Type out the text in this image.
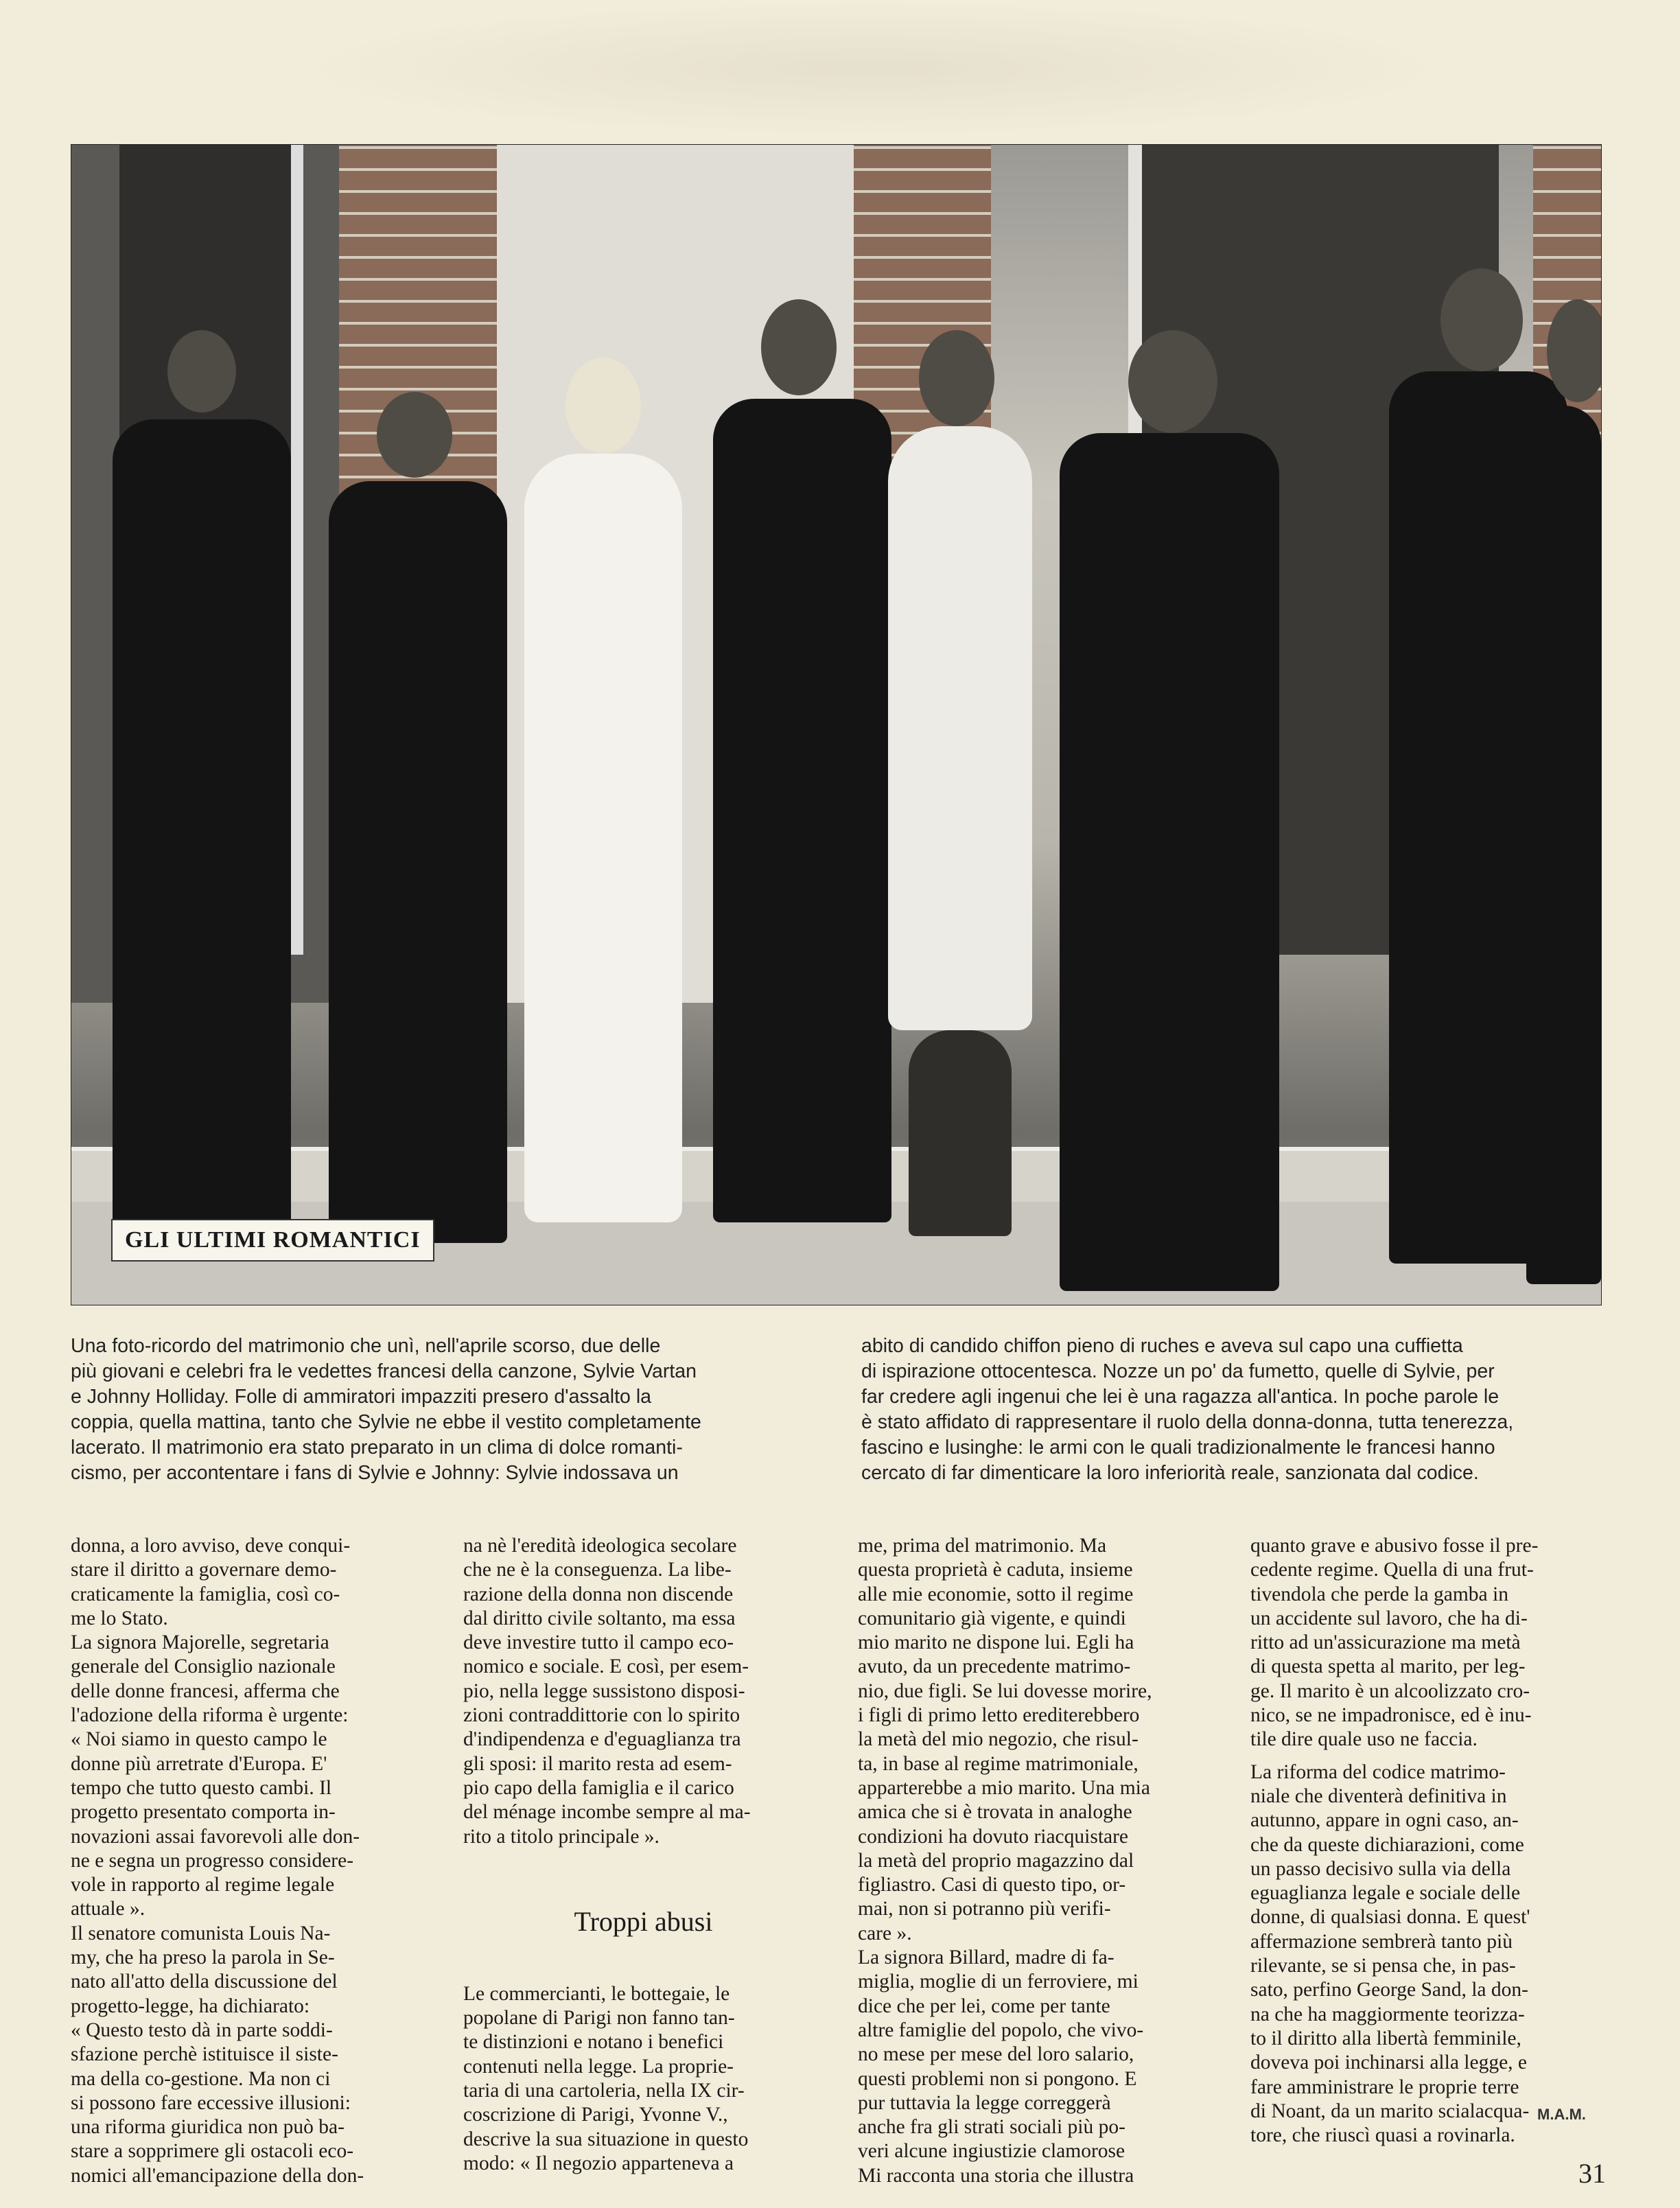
GLI ULTIMI ROMANTICI
Una foto-ricordo del matrimonio che unì, nell'aprile scorso, due delle
più giovani e celebri fra le vedettes francesi della canzone, Sylvie Vartan
e Johnny Holliday. Folle di ammiratori impazziti presero d'assalto la
coppia, quella mattina, tanto che Sylvie ne ebbe il vestito completamente
lacerato. Il matrimonio era stato preparato in un clima di dolce romanti-
cismo, per accontentare i fans di Sylvie e Johnny: Sylvie indossava un
abito di candido chiffon pieno di ruches e aveva sul capo una cuffietta
di ispirazione ottocentesca. Nozze un po' da fumetto, quelle di Sylvie, per
far credere agli ingenui che lei è una ragazza all'antica. In poche parole le
è stato affidato di rappresentare il ruolo della donna-donna, tutta tenerezza,
fascino e lusinghe: le armi con le quali tradizionalmente le francesi hanno
cercato di far dimenticare la loro inferiorità reale, sanzionata dal codice.
donna, a loro avviso, deve conqui-
stare il diritto a governare demo-
craticamente la famiglia, così co-
me lo Stato.
La signora Majorelle, segretaria
generale del Consiglio nazionale
delle donne francesi, afferma che
l'adozione della riforma è urgente:
« Noi siamo in questo campo le
donne più arretrate d'Europa. E'
tempo che tutto questo cambi. Il
progetto presentato comporta in-
novazioni assai favorevoli alle don-
ne e segna un progresso considere-
vole in rapporto al regime legale
attuale ».
Il senatore comunista Louis Na-
my, che ha preso la parola in Se-
nato all'atto della discussione del
progetto-legge, ha dichiarato:
« Questo testo dà in parte soddi-
sfazione perchè istituisce il siste-
ma della co-gestione. Ma non ci
si possono fare eccessive illusioni:
una riforma giuridica non può ba-
stare a sopprimere gli ostacoli eco-
nomici all'emancipazione della don-
na nè l'eredità ideologica secolare
che ne è la conseguenza. La libe-
razione della donna non discende
dal diritto civile soltanto, ma essa
deve investire tutto il campo eco-
nomico e sociale. E così, per esem-
pio, nella legge sussistono disposi-
zioni contraddittorie con lo spirito
d'indipendenza e d'eguaglianza tra
gli sposi: il marito resta ad esem-
pio capo della famiglia e il carico
del ménage incombe sempre al ma-
rito a titolo principale ».
Troppi abusi
Le commercianti, le bottegaie, le
popolane di Parigi non fanno tan-
te distinzioni e notano i benefici
contenuti nella legge. La proprie-
taria di una cartoleria, nella IX cir-
coscrizione di Parigi, Yvonne V.,
descrive la sua situazione in questo
modo: « Il negozio apparteneva a
me, prima del matrimonio. Ma
questa proprietà è caduta, insieme
alle mie economie, sotto il regime
comunitario già vigente, e quindi
mio marito ne dispone lui. Egli ha
avuto, da un precedente matrimo-
nio, due figli. Se lui dovesse morire,
i figli di primo letto erediterebbero
la metà del mio negozio, che risul-
ta, in base al regime matrimoniale,
apparterebbe a mio marito. Una mia
amica che si è trovata in analoghe
condizioni ha dovuto riacquistare
la metà del proprio magazzino dal
figliastro. Casi di questo tipo, or-
mai, non si potranno più verifi-
care ».
La signora Billard, madre di fa-
miglia, moglie di un ferroviere, mi
dice che per lei, come per tante
altre famiglie del popolo, che vivo-
no mese per mese del loro salario,
questi problemi non si pongono. E
pur tuttavia la legge correggerà
anche fra gli strati sociali più po-
veri alcune ingiustizie clamorose
Mi racconta una storia che illustra
quanto grave e abusivo fosse il pre-
cedente regime. Quella di una frut-
tivendola che perde la gamba in
un accidente sul lavoro, che ha di-
ritto ad un'assicurazione ma metà
di questa spetta al marito, per leg-
ge. Il marito è un alcoolizzato cro-
nico, se ne impadronisce, ed è inu-
tile dire quale uso ne faccia.
La riforma del codice matrimo-
niale che diventerà definitiva in
autunno, appare in ogni caso, an-
che da queste dichiarazioni, come
un passo decisivo sulla via della
eguaglianza legale e sociale delle
donne, di qualsiasi donna. E quest'
affermazione sembrerà tanto più
rilevante, se si pensa che, in pas-
sato, perfino George Sand, la don-
na che ha maggiormente teorizza-
to il diritto alla libertà femminile,
doveva poi inchinarsi alla legge, e
fare amministrare le proprie terre
di Noant, da un marito scialacqua-
tore, che riuscì quasi a rovinarla.
M.A.M.
31
